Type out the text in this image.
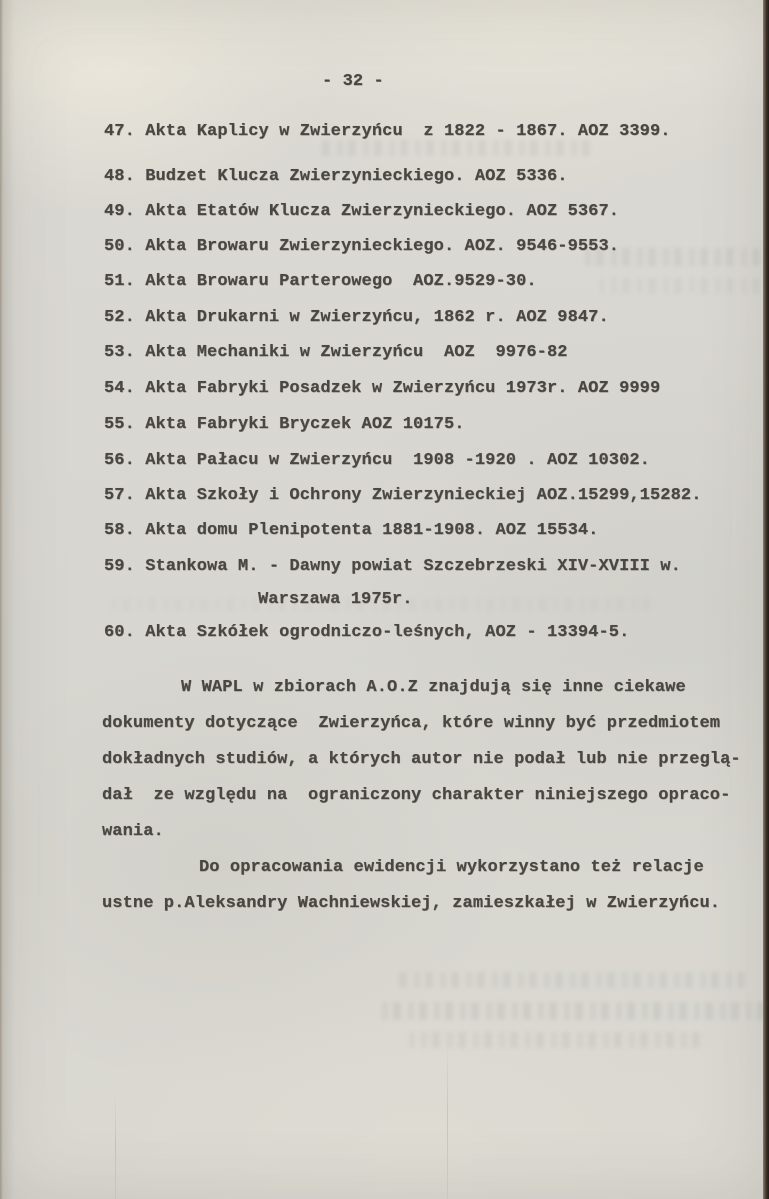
- 32 -
47. Akta Kaplicy w Zwierzyńcu  z 1822 - 1867. AOZ 3399.
48. Budzet Klucza Zwierzynieckiego. AOZ 5336.
49. Akta Etatów Klucza Zwierzynieckiego. AOZ 5367.
50. Akta Browaru Zwierzynieckiego. AOZ. 9546-9553.
51. Akta Browaru Parterowego  AOZ.9529-30.
52. Akta Drukarni w Zwierzyńcu, 1862 r. AOZ 9847.
53. Akta Mechaniki w Zwierzyńcu  AOZ  9976-82
54. Akta Fabryki Posadzek w Zwierzyńcu 1973r. AOZ 9999
55. Akta Fabryki Bryczek AOZ 10175.
56. Akta Pałacu w Zwierzyńcu  1908 -1920 . AOZ 10302.
57. Akta Szkoły i Ochrony Zwierzynieckiej AOZ.15299,15282.
58. Akta domu Plenipotenta 1881-1908. AOZ 15534.
59. Stankowa M. - Dawny powiat Szczebrzeski XIV-XVIII w.
Warszawa 1975r.
60. Akta Szkółek ogrodniczo-leśnych, AOZ - 13394-5.
W WAPL w zbiorach A.O.Z znajdują się inne ciekawe
dokumenty dotyczące  Zwierzyńca, które winny być przedmiotem
dokładnych studiów, a których autor nie podał lub nie przeglą-
dał  ze względu na  ograniczony charakter niniejszego opraco-
wania.
Do opracowania ewidencji wykorzystano też relacje
ustne p.Aleksandry Wachniewskiej, zamieszkałej w Zwierzyńcu.
